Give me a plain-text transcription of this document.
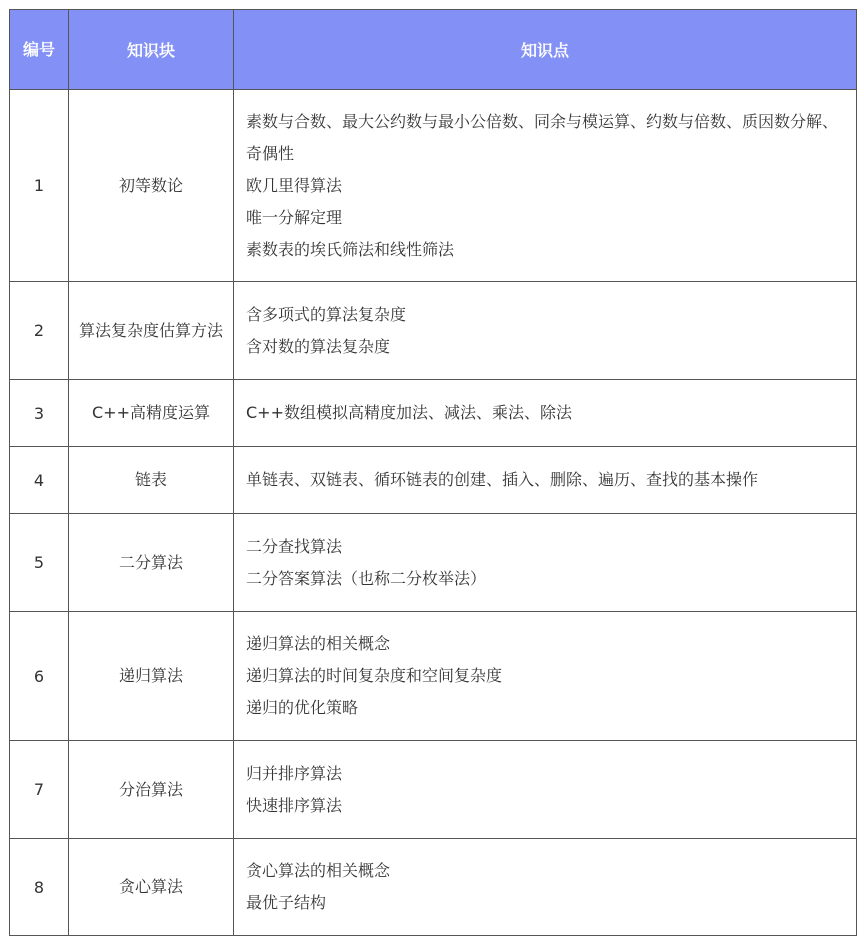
编号	知识块	知识点
1	初等数论	素数与合数、最大公约数与最小公倍数、同余与模运算、约数与倍数、质因数分解、奇偶性
欧几里得算法
唯一分解定理
素数表的埃氏筛法和线性筛法

2	算法复杂度估算方法	含多项式的算法复杂度
含对数的算法复杂度

3	C++高精度运算	C++数组模拟高精度加法、减法、乘法、除法

4	链表	单链表、双链表、循环链表的创建、插入、删除、遍历、查找的基本操作

5	二分算法	二分查找算法
二分答案算法（也称二分枚举法）

6	递归算法	递归算法的相关概念
递归算法的时间复杂度和空间复杂度
递归的优化策略

7	分治算法	归并排序算法
快速排序算法

8	贪心算法	贪心算法的相关概念
最优子结构
